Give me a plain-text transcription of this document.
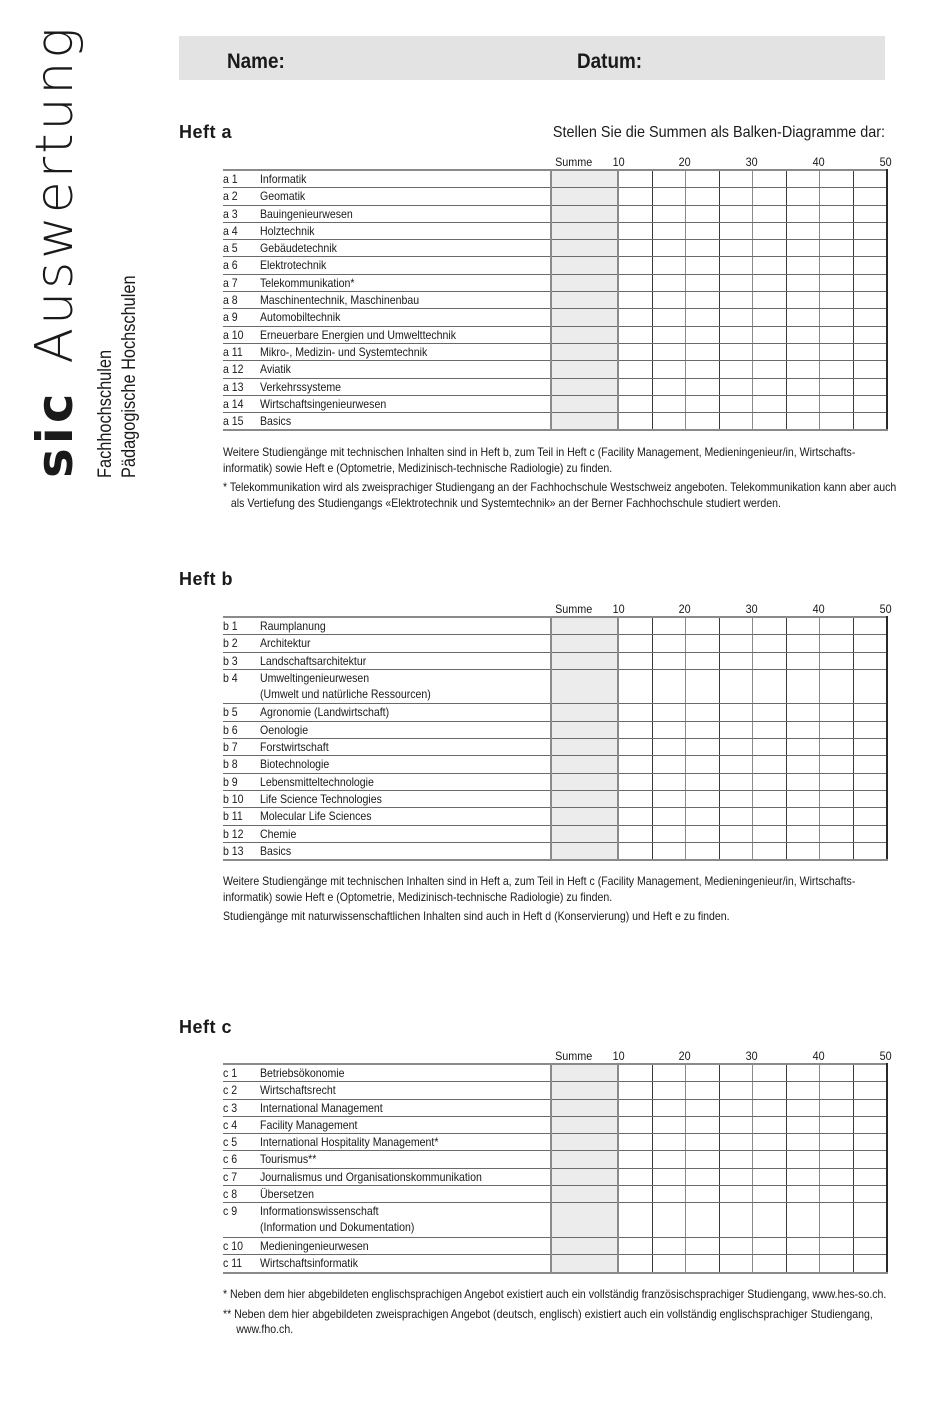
sicAuswertung
Fachhochschulen Pädagogische Hochschulen
Name:	Datum:
Heft a	Stellen Sie die Summen als Balken-Diagramme dar:
Summe 10	20	30	40	50
a 1	Informatik									
a 2	Geomatik									
a 3	Bauingenieurwesen									
a 4	Holztechnik									
a 5	Gebäudetechnik									
a 6	Elektrotechnik									
a 7	Telekommunikation*									
a 8	Maschinentechnik, Maschinenbau									
a 9	Automobiltechnik									
a 10	Erneuerbare Energien und Umwelttechnik									
a 11	Mikro-, Medizin- und Systemtechnik									
a 12	Aviatik									
a 13	Verkehrssysteme									
a 14	Wirtschaftsingenieurwesen									
a 15	Basics									

Weitere Studiengänge mit technischen Inhalten sind in Heft b, zum Teil in Heft c (Facility Management, Medieningenieur/in, Wirtschafts-informatik) sowie Heft e (Optometrie, Medizinisch-technische Radiologie) zu finden.

* Telekommunikation wird als zweisprachiger Studiengang an der Fachhochschule Westschweiz angeboten. Telekommunikation kann aber auch als Vertiefung des Studiengangs «Elektrotechnik und Systemtechnik» an der Berner Fachhochschule studiert werden.

Heft b
Summe 10	20	30	40	50
b 1	Raumplanung									
b 2	Architektur									
b 3	Landschaftsarchitektur									
b 4	Umweltingenieurwesen
(Umwelt und natürliche Ressourcen)									
b 5	Agronomie (Landwirtschaft)									
b 6	Oenologie									
b 7	Forstwirtschaft									
b 8	Biotechnologie									
b 9	Lebensmitteltechnologie									
b 10	Life Science Technologies									
b 11	Molecular Life Sciences									
b 12	Chemie									
b 13	Basics									

Weitere Studiengänge mit technischen Inhalten sind in Heft a, zum Teil in Heft c (Facility Management, Medieningenieur/in, Wirtschafts-informatik) sowie Heft e (Optometrie, Medizinisch-technische Radiologie) zu finden.

Studiengänge mit naturwissenschaftlichen Inhalten sind auch in Heft d (Konservierung) und Heft e zu finden.

Heft c
Summe 10	20	30	40	50
c 1	Betriebsökonomie									
c 2	Wirtschaftsrecht									
c 3	International Management									
c 4	Facility Management									
c 5	International Hospitality Management*									
c 6	Tourismus**									
c 7	Journalismus und Organisationskommunikation									
c 8	Übersetzen									
c 9	Informationswissenschaft
(Information und Dokumentation)									
c 10	Medieningenieurwesen									
c 11	Wirtschaftsinformatik									

* Neben dem hier abgebildeten englischsprachigen Angebot existiert auch ein vollständig französischsprachiger Studiengang, www.hes-so.ch.

** Neben dem hier abgebildeten zweisprachigen Angebot (deutsch, englisch) existiert auch ein vollständig englischsprachiger Studiengang, www.fho.ch.
